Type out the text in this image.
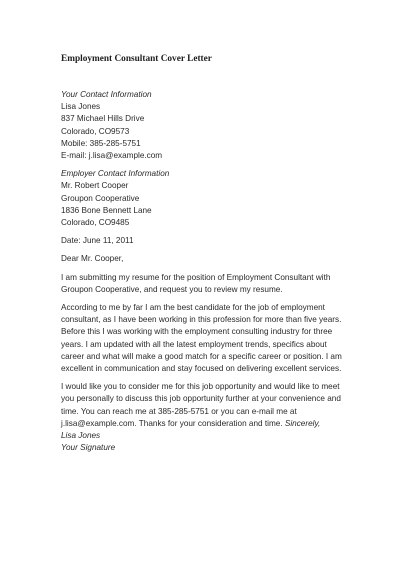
Employment Consultant Cover Letter
Your Contact Information
Lisa Jones
837 Michael Hills Drive
Colorado, CO9573
Mobile: 385-285-5751
E-mail: j.lisa@example.com
Employer Contact Information
Mr. Robert Cooper
Groupon Cooperative
1836 Bone Bennett Lane
Colorado, CO9485
Date: June 11, 2011
Dear Mr. Cooper,
I am submitting my resume for the position of Employment Consultant with
Groupon Cooperative, and request you to review my resume.
According to me by far I am the best candidate for the job of employment
consultant, as I have been working in this profession for more than five years.
Before this I was working with the employment consulting industry for three
years. I am updated with all the latest employment trends, specifics about
career and what will make a good match for a specific career or position. I am
excellent in communication and stay focused on delivering excellent services.
I would like you to consider me for this job opportunity and would like to meet
you personally to discuss this job opportunity further at your convenience and
time. You can reach me at 385-285-5751 or you can e-mail me at
j.lisa@example.com. Thanks for your consideration and time. Sincerely,
Lisa Jones
Your Signature
